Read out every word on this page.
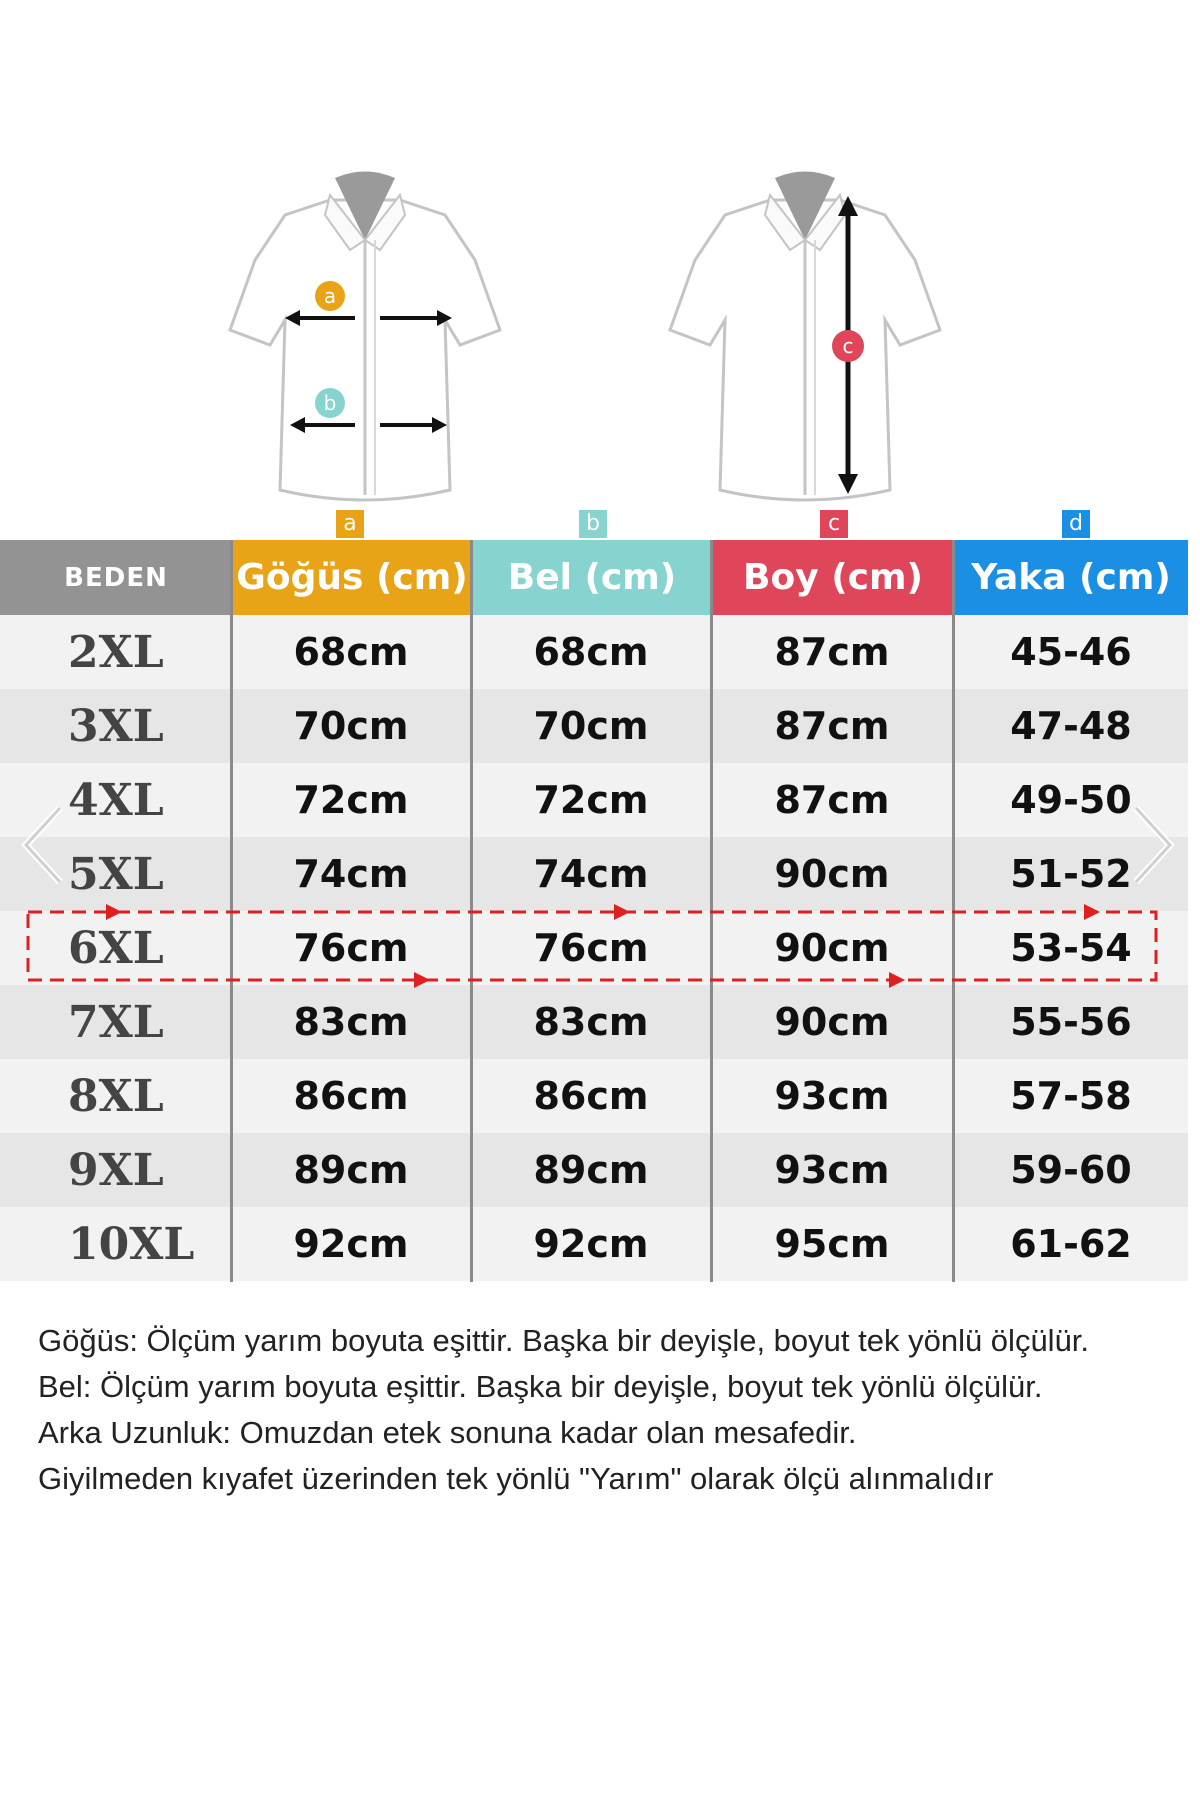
a
b
c
a	b	c	d
BEDEN	Göğüs (cm)	Bel (cm)	Boy (cm)	Yaka (cm)
2XL	68cm	68cm	87cm	45-46
3XL	70cm	70cm	87cm	47-48
4XL	72cm	72cm	87cm	49-50
5XL	74cm	74cm	90cm	51-52
6XL	76cm	76cm	90cm	53-54
7XL	83cm	83cm	90cm	55-56
8XL	86cm	86cm	93cm	57-58
9XL	89cm	89cm	93cm	59-60
10XL	92cm	92cm	95cm	61-62
Göğüs: Ölçüm yarım boyuta eşittir. Başka bir deyişle, boyut tek yönlü ölçülür.
Bel: Ölçüm yarım boyuta eşittir. Başka bir deyişle, boyut tek yönlü ölçülür.
Arka Uzunluk: Omuzdan etek sonuna kadar olan mesafedir.
Giyilmeden kıyafet üzerinden tek yönlü "Yarım" olarak ölçü alınmalıdır
